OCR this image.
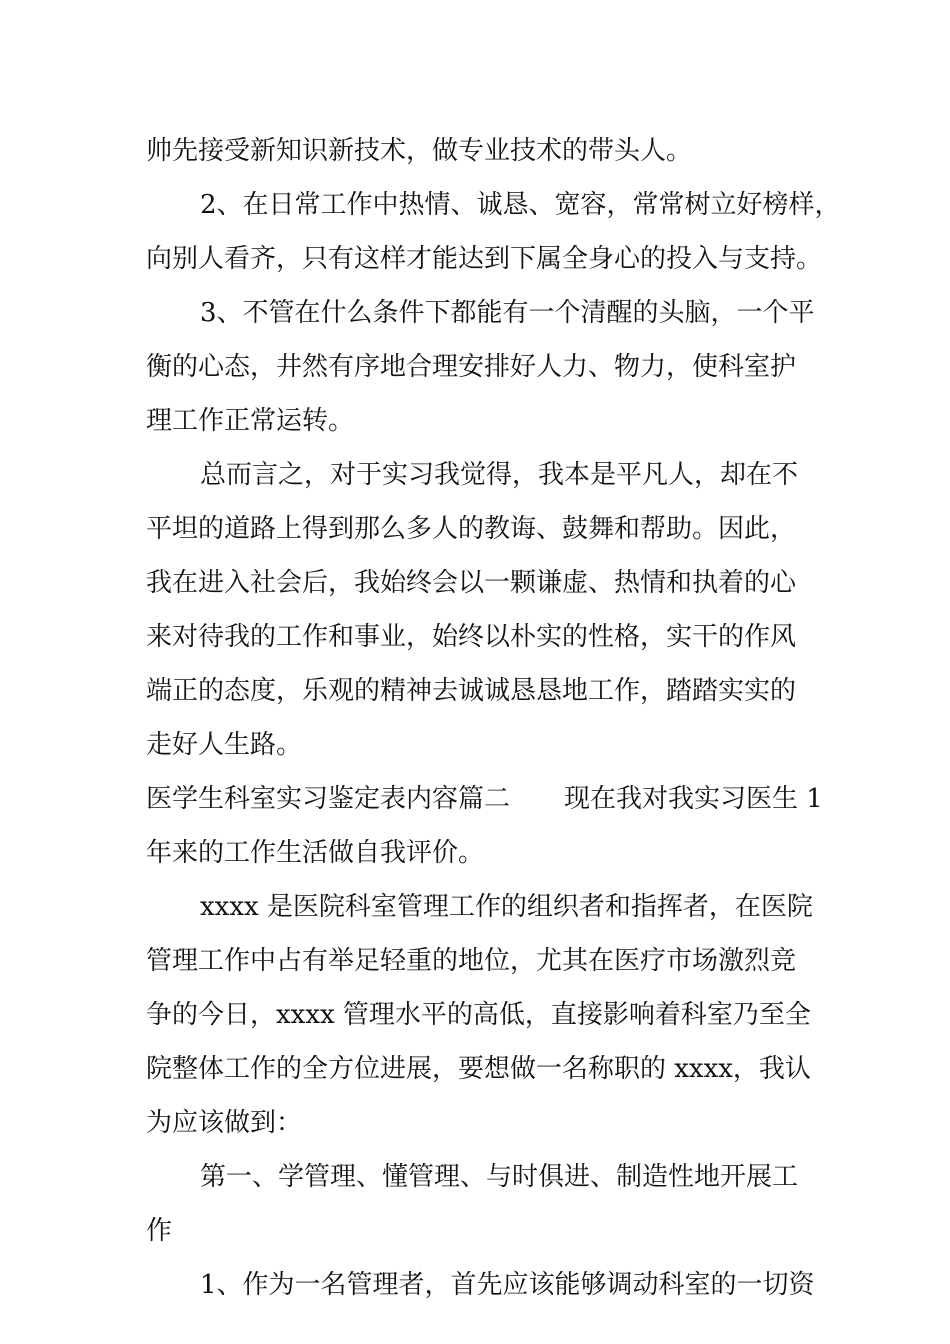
帅先接受新知识新技术，做专业技术的带头人。

2、在日常工作中热情、诚恳、宽容，常常树立好榜样，

向别人看齐，只有这样才能达到下属全身心的投入与支持。

3、不管在什么条件下都能有一个清醒的头脑，一个平

衡的心态，井然有序地合理安排好人力、物力，使科室护

理工作正常运转。

总而言之，对于实习我觉得，我本是平凡人，却在不

平坦的道路上得到那么多人的教诲、鼓舞和帮助。因此，

我在进入社会后，我始终会以一颗谦虚、热情和执着的心

来对待我的工作和事业，始终以朴实的性格，实干的作风

端正的态度，乐观的精神去诚诚恳恳地工作，踏踏实实的

走好人生路。

医学生科室实习鉴定表内容篇二 现在我对我实习医生 1

年来的工作生活做自我评价。

xxxx 是医院科室管理工作的组织者和指挥者，在医院

管理工作中占有举足轻重的地位，尤其在医疗市场激烈竞

争的今日，xxxx 管理水平的高低，直接影响着科室乃至全

院整体工作的全方位进展，要想做一名称职的 xxxx，我认

为应该做到：

第一、学管理、懂管理、与时俱进、制造性地开展工

作

1、作为一名管理者，首先应该能够调动科室的一切资
